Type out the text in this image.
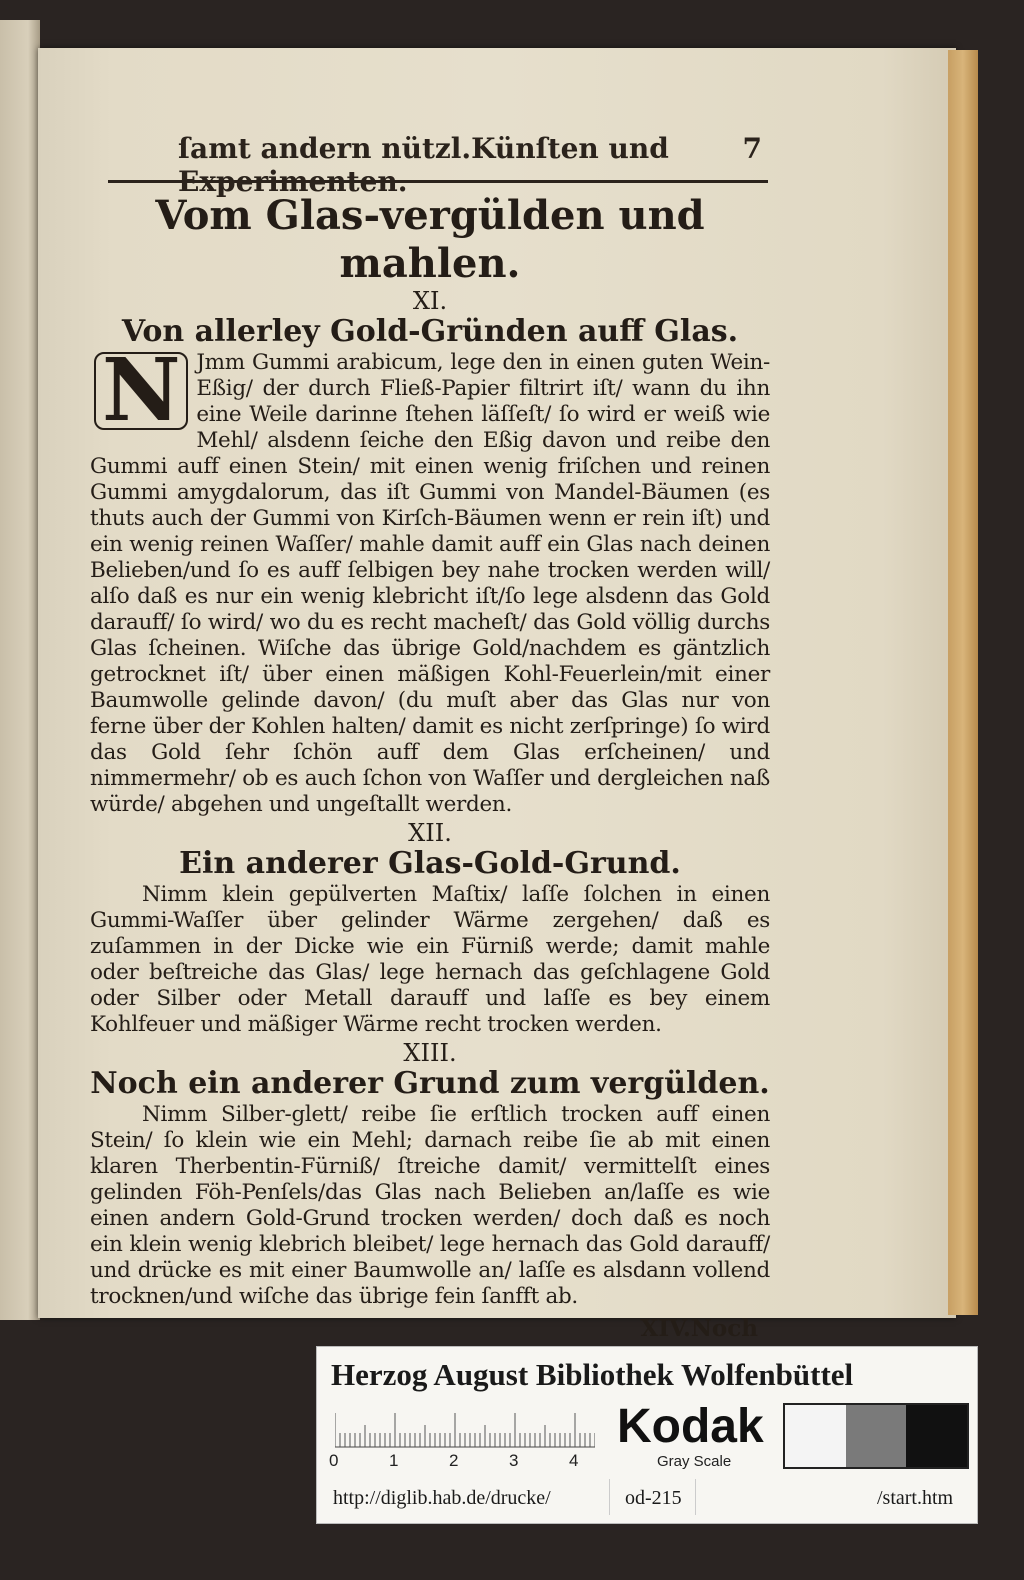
ſamt andern nützl.Künſten und Experimenten.
7
Vom Glas-vergülden und mahlen.

XI.

Von allerley Gold-Gründen auff Glas.

N Jmm Gummi arabicum, lege den in einen guten Wein-Eßig/ der durch Fließ-Papier filtrirt iſt/ wann du ihn eine Weile darinne ſtehen läſſeſt/ ſo wird er weiß wie Mehl/ alsdenn ſeiche den Eßig davon und reibe den Gummi auff einen Stein/ mit einen wenig friſchen und reinen Gummi amygdalorum, das iſt Gummi von Mandel-Bäumen (es thuts auch der Gummi von Kirſch-Bäumen wenn er rein iſt) und ein wenig reinen Waſſer/ mahle damit auff ein Glas nach deinen Belieben/und ſo es auff ſelbigen bey nahe trocken werden will/ alſo daß es nur ein wenig klebricht iſt/ſo lege alsdenn das Gold darauff/ ſo wird/ wo du es recht macheſt/ das Gold völlig durchs Glas ſcheinen. Wiſche das übrige Gold/nachdem es gäntzlich getrocknet iſt/ über einen mäßigen Kohl-Feuerlein/mit einer Baumwolle gelinde davon/ (du muſt aber das Glas nur von ferne über der Kohlen halten/ damit es nicht zerſpringe) ſo wird das Gold ſehr ſchön auff dem Glas erſcheinen/ und nimmermehr/ ob es auch ſchon von Waſſer und dergleichen naß würde/ abgehen und ungeſtallt werden.

XII.

Ein anderer Glas-Gold-Grund.

Nimm klein gepülverten Maſtix/ laſſe ſolchen in einen Gummi-Waſſer über gelinder Wärme zergehen/ daß es zuſammen in der Dicke wie ein Fürniß werde; damit mahle oder beſtreiche das Glas/ lege hernach das geſchlagene Gold oder Silber oder Metall darauff und laſſe es bey einem Kohlfeuer und mäßiger Wärme recht trocken werden.

XIII.

Noch ein anderer Grund zum vergülden.

Nimm Silber-glett/ reibe ſie erſtlich trocken auff einen Stein/ ſo klein wie ein Mehl; darnach reibe ſie ab mit einen klaren Therbentin-Fürniß/ ſtreiche damit/ vermittelſt eines gelinden Föh-Penſels/das Glas nach Belieben an/laſſe es wie einen andern Gold-Grund trocken werden/ doch daß es noch ein klein wenig klebrich bleibet/ lege hernach das Gold darauff/ und drücke es mit einer Baumwolle an/ laſſe es alsdann vollend trocknen/und wiſche das übrige fein ſanfft ab.

XIV.Noch

Herzog August Bibliothek Wolfenbüttel
0	1	2	3	4
Kodak
Gray Scale
http://diglib.hab.de/drucke/	od-215	/start.htm
